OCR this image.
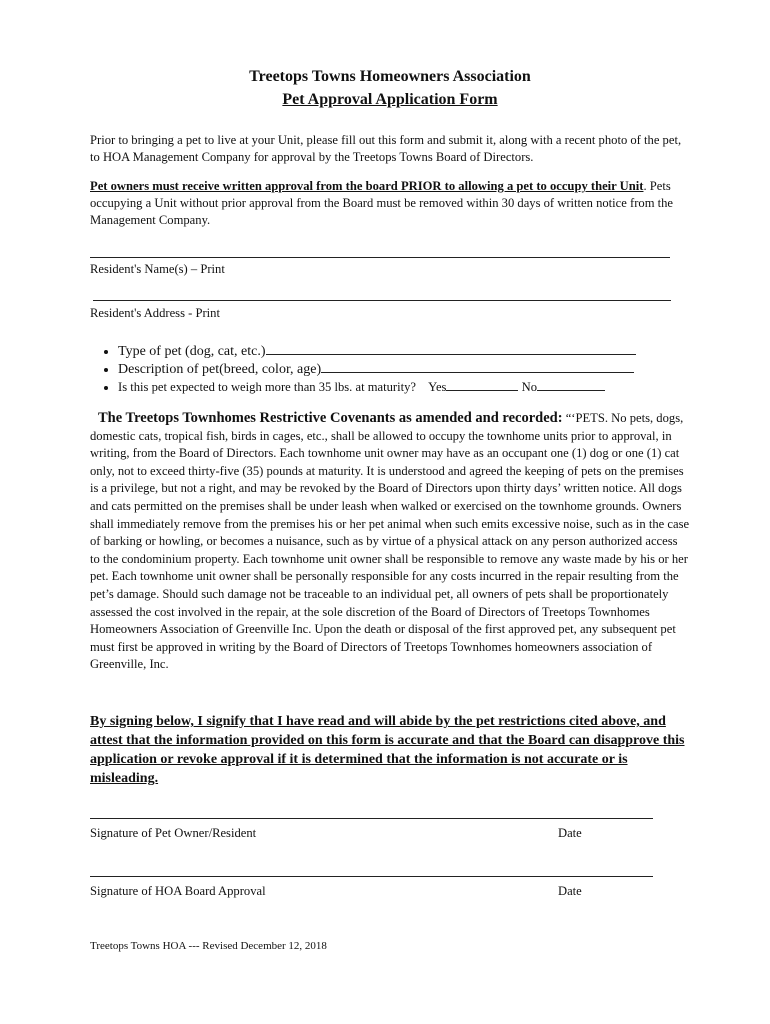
Treetops Towns Homeowners Association
Pet Approval Application Form
Prior to bringing a pet to live at your Unit, please fill out this form and submit it, along with a recent photo of the pet, to HOA Management Company for approval by the Treetops Towns Board of Directors.
Pet owners must receive written approval from the board PRIOR to allowing a pet to occupy their Unit. Pets occupying a Unit without prior approval from the Board must be removed within 30 days of written notice from the Management Company.
Resident's Name(s) – Print
Resident's Address - Print
• Type of pet (dog, cat, etc.)
• Description of pet(breed, color, age)
• Is this pet expected to weigh more than 35 lbs. at maturity? Yes	No
The Treetops Townhomes Restrictive Covenants as amended and recorded: “‘PETS. No pets, dogs, domestic cats, tropical fish, birds in cages, etc., shall be allowed to occupy the townhome units prior to approval, in writing, from the Board of Directors. Each townhome unit owner may have as an occupant one (1) dog or one (1) cat only, not to exceed thirty-five (35) pounds at maturity. It is understood and agreed the keeping of pets on the premises is a privilege, but not a right, and may be revoked by the Board of Directors upon thirty days’ written notice. All dogs and cats permitted on the premises shall be under leash when walked or exercised on the townhome grounds. Owners shall immediately remove from the premises his or her pet animal when such emits excessive noise, such as in the case of barking or howling, or becomes a nuisance, such as by virtue of a physical attack on any person authorized access to the condominium property. Each townhome unit owner shall be responsible to remove any waste made by his or her pet. Each townhome unit owner shall be personally responsible for any costs incurred in the repair resulting from the pet’s damage. Should such damage not be traceable to an individual pet, all owners of pets shall be proportionately assessed the cost involved in the repair, at the sole discretion of the Board of Directors of Treetops Townhomes Homeowners Association of Greenville Inc. Upon the death or disposal of the first approved pet, any subsequent pet must first be approved in writing by the Board of Directors of Treetops Townhomes homeowners association of Greenville, Inc.
By signing below, I signify that I have read and will abide by the pet restrictions cited above, and attest that the information provided on this form is accurate and that the Board can disapprove this application or revoke approval if it is determined that the information is not accurate or is misleading.
Signature of Pet Owner/Resident	Date
Signature of HOA Board Approval	Date
Treetops Towns HOA --- Revised December 12, 2018
